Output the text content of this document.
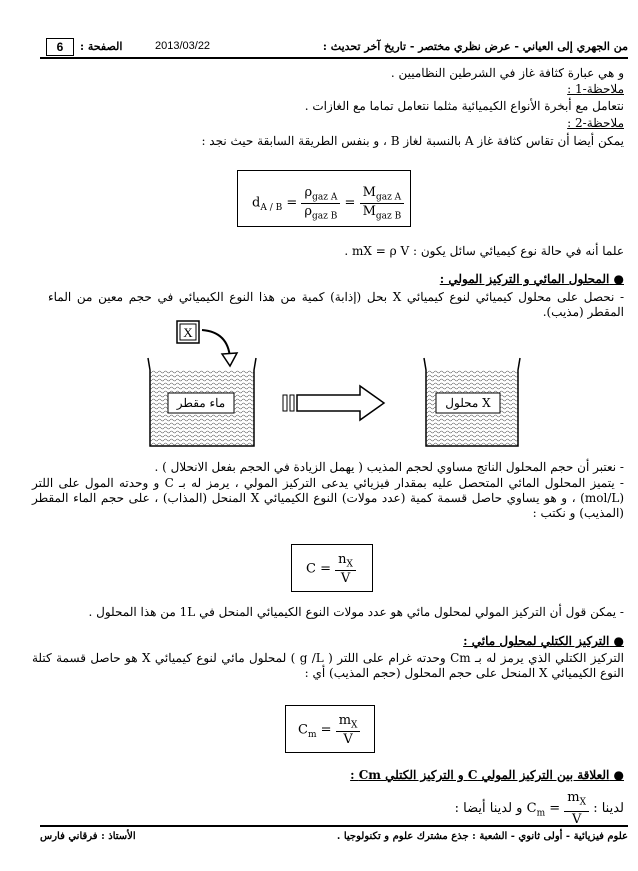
من الجهري إلى العياني - عرض نظري مختصر - تاريخ آخر تحديث :
2013/03/22
الصفحة :
6
و هي عبارة كثافة غاز في الشرطين النظاميين .
ملاحظة-1 :
نتعامل مع أبخرة الأنواع الكيميائية مثلما نتعامل تماما مع الغازات .
ملاحظة-2 :
يمكن أيضا أن تقاس كثافة غاز A بالنسبة لغاز B ، و بنفس الطريقة السابقة حيث نجد :
$d_{A / B} = \frac{\rho_{gaz A}}{\rho_{gaz B}} = \frac{M_{gaz A}}{M_{gaz B}}$
علما أنه في حالة نوع كيميائي سائل يكون : mX = ρ V .
● المحلول المائي و التركيز المولي :
- نحصل على محلول كيميائي لنوع كيميائي X بحل (إذابة) كمية من هذا النوع الكيميائي في حجم معين من الماء المقطر (مذيب).
X
ماء مقطر	محلول X
- نعتبر أن حجم المحلول الناتج مساوي لحجم المذيب ( يهمل الزيادة في الحجم بفعل الانحلال ) .
- يتميز المحلول المائي المتحصل عليه بمقدار فيزيائي يدعى التركيز المولي ، يرمز له بـ C و وحدته المول على اللتر (mol/L) ، و هو يساوي حاصل قسمة كمية (عدد مولات) النوع الكيميائي X المنحل (المذاب) ، على حجم الماء المقطر (المذيب) و نكتب :
$C = \frac{n_X}{V}$
- يمكن قول أن التركيز المولي لمحلول مائي هو عدد مولات النوع الكيميائي المنحل في 1L من هذا المحلول .
● التركيز الكتلي لمحلول مائي :
التركيز الكتلي الذي يرمز له بـ Cm وحدته غرام على اللتر ( g /L ) لمحلول مائي لنوع كيميائي X هو حاصل قسمة كتلة النوع الكيميائي X المنحل على حجم المحلول (حجم المذيب) أي :
$C_m = \frac{m_X}{V}$
● العلاقة بين التركيز المولي C و التركيز الكتلي Cm :
لدينا : $C_m = \frac{m_X}{V}$
و لدينا أيضا :
علوم فيزيائية - أولى ثانوي - الشعبة : جذع مشترك علوم و تكنولوجيا .
الأستاذ : فرقاني فارس
